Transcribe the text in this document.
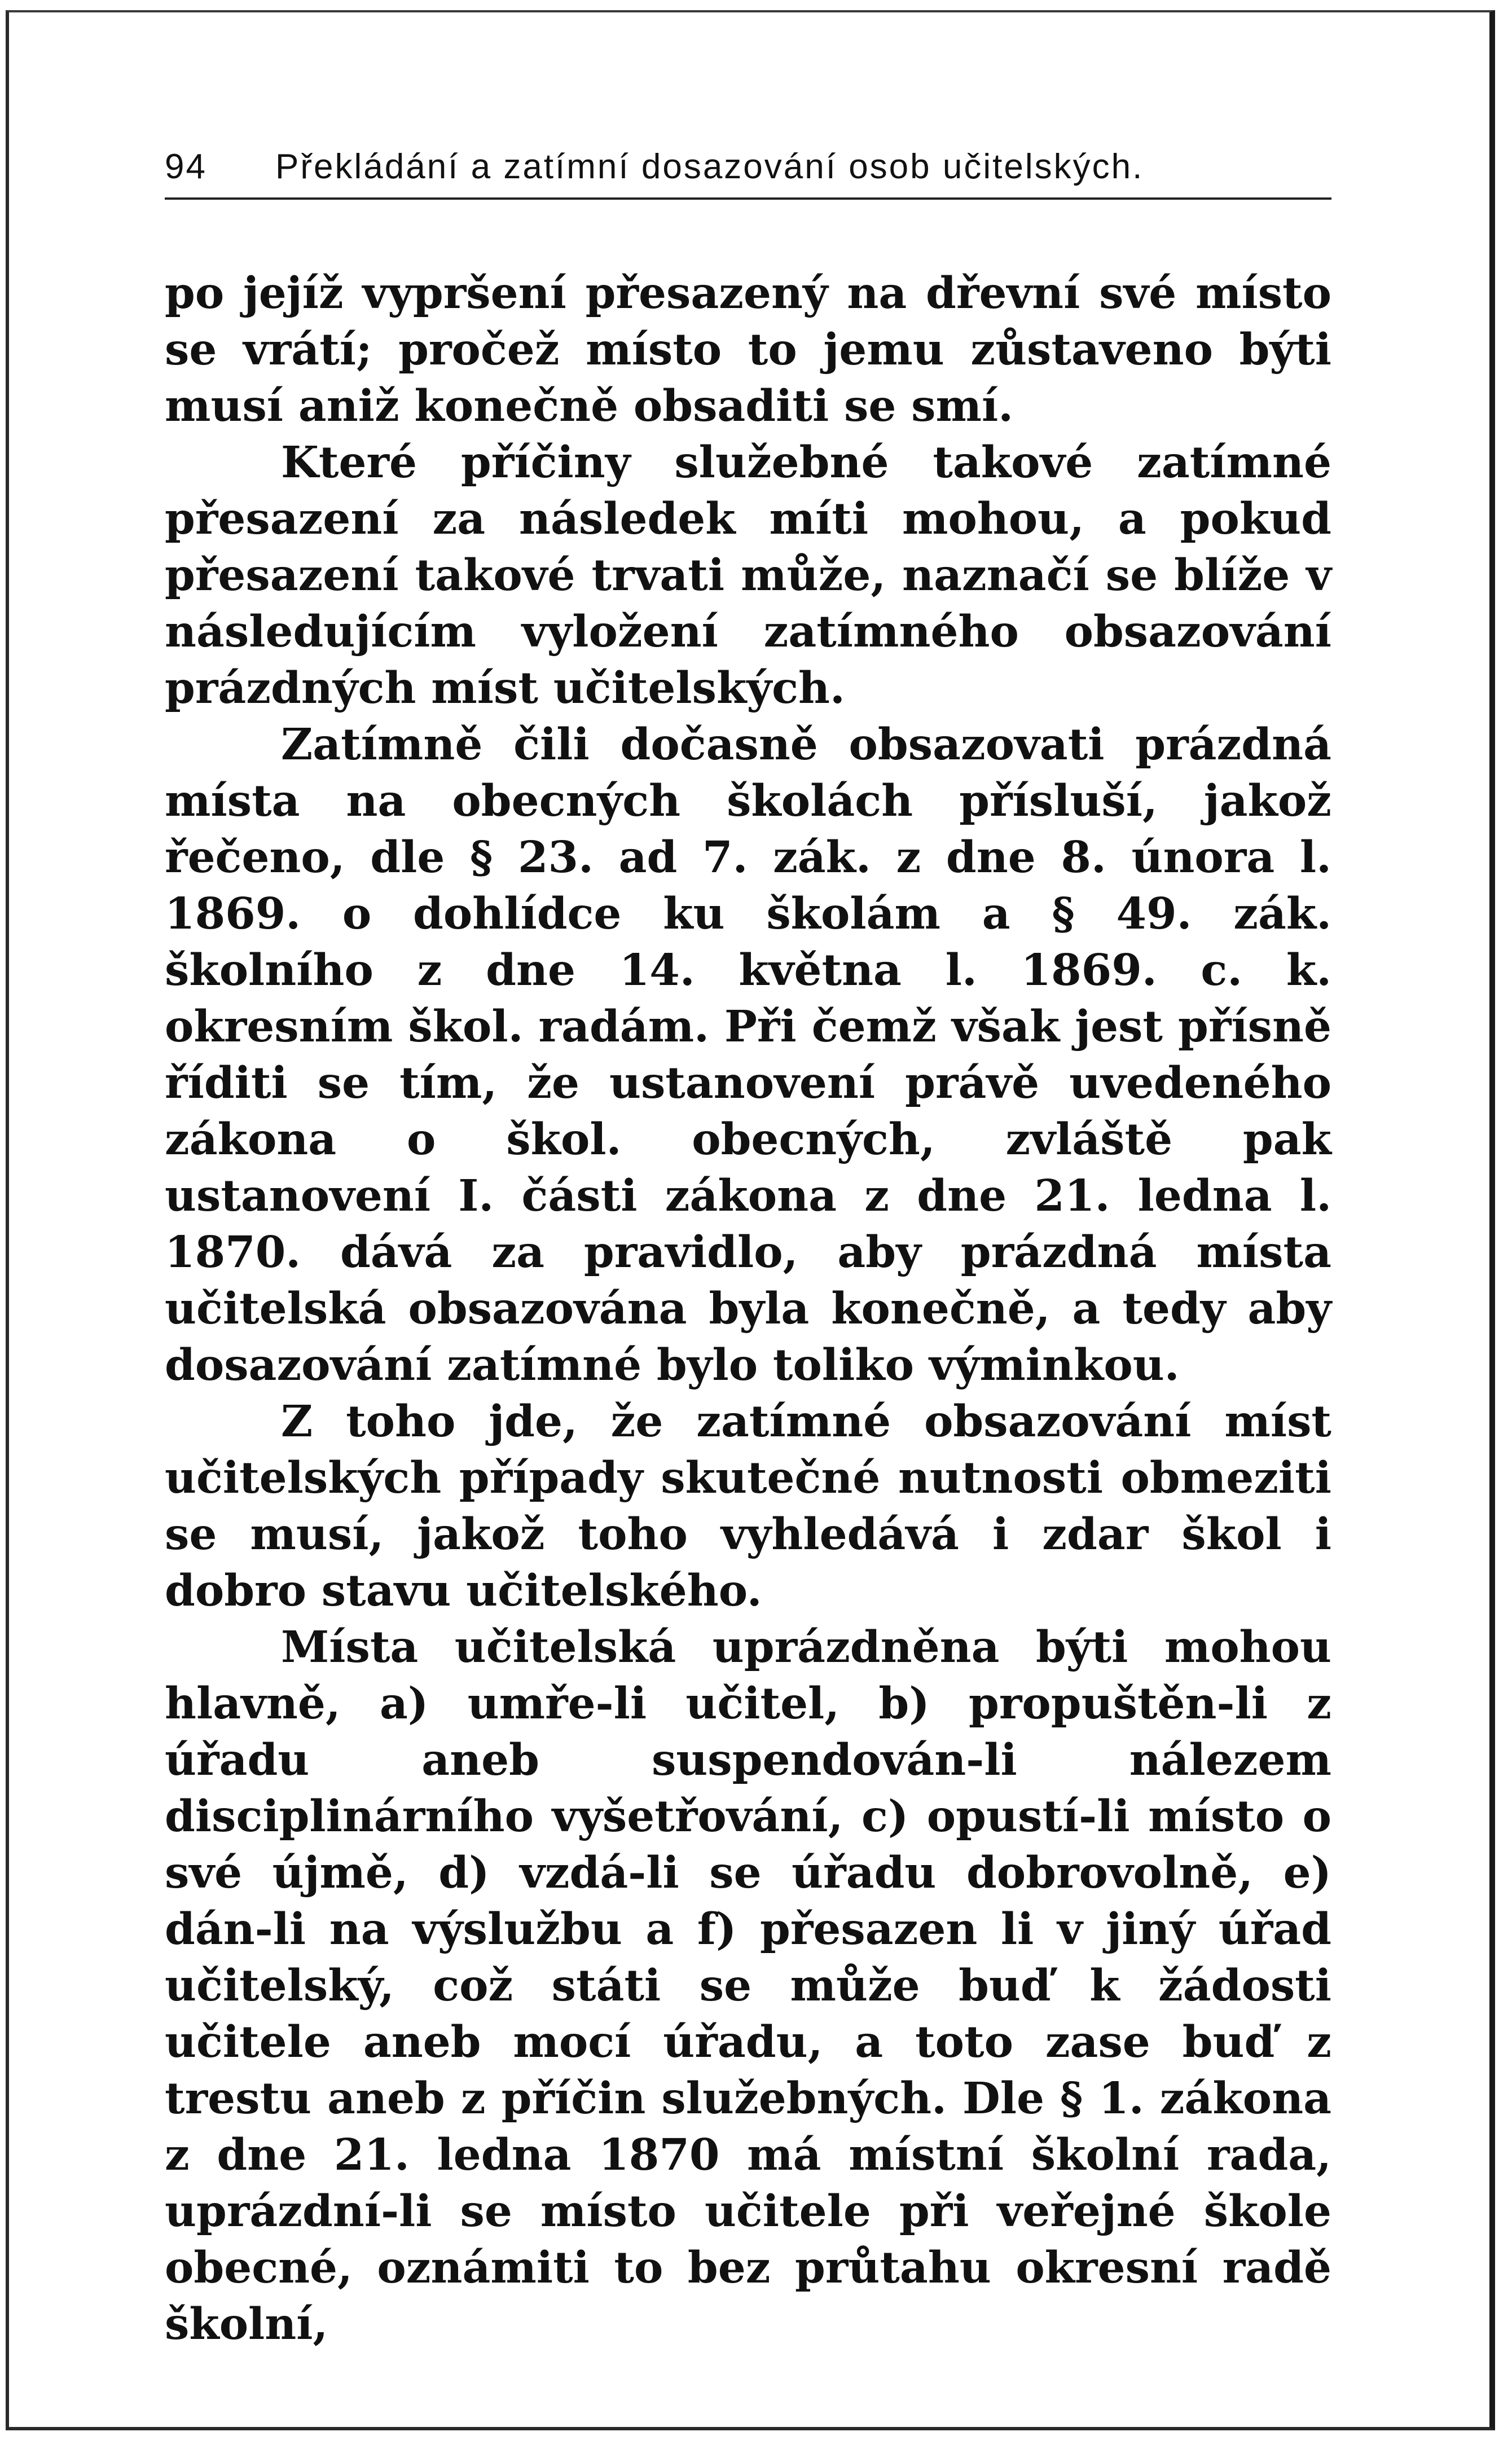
94 Překládání a zatímní dosazování osob učitelských.

po jejíž vypršení přesazený na dřevní své místo se vrátí; pročež místo to jemu zůstaveno býti musí aniž konečně obsaditi se smí.

Které příčiny služebné takové zatímné přesazení za následek míti mohou, a pokud přesazení takové trvati může, naznačí se blíže v následujícím vyložení zatímného obsazování prázdných míst učitelských.

Zatímně čili dočasně obsazovati prázdná místa na obecných školách přísluší, jakož řečeno, dle § 23. ad 7. zák. z dne 8. února l. 1869. o dohlídce ku školám a § 49. zák. školního z dne 14. května l. 1869. c. k. okresním škol. radám. Při čemž však jest přísně říditi se tím, že ustanovení právě uvedeného zákona o škol. obecných, zvláště pak ustanovení I. části zákona z dne 21. ledna l. 1870. dává za pravidlo, aby prázdná místa učitelská obsazována byla konečně, a tedy aby dosazování zatímné bylo toliko výminkou.

Z toho jde, že zatímné obsazování míst učitelských případy skutečné nutnosti obmeziti se musí, jakož toho vyhledává i zdar škol i dobro stavu učitelského.

Místa učitelská uprázdněna býti mohou hlavně, a) umře-li učitel, b) propuštěn-li z úřadu aneb suspendován-li nálezem disciplinárního vyšetřování, c) opustí-li místo o své újmě, d) vzdá-li se úřadu dobrovolně, e) dán-li na výslužbu a f) přesazen li v jiný úřad učitelský, což státi se může buď k žádosti učitele aneb mocí úřadu, a toto zase buď z trestu aneb z příčin služebných. Dle § 1. zákona z dne 21. ledna 1870 má místní školní rada, uprázdní-li se místo učitele při veřejné škole obecné, oznámiti to bez průtahu okresní radě školní,
